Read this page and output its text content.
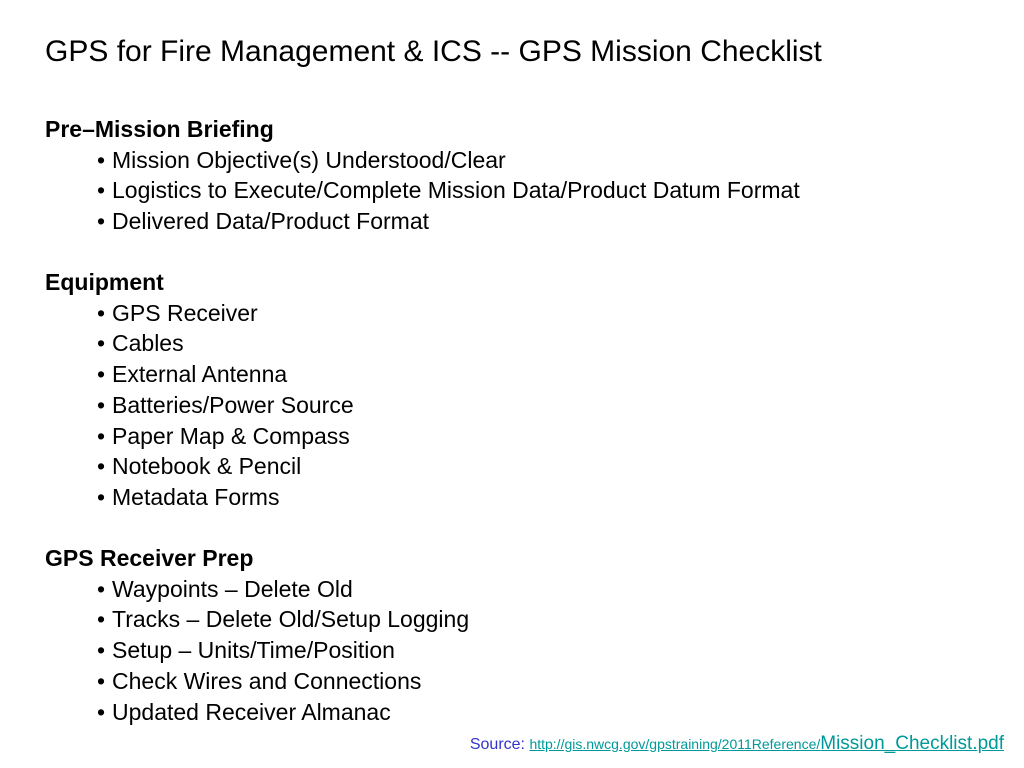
GPS for Fire Management & ICS -- GPS Mission Checklist
Pre–Mission Briefing
• Mission Objective(s) Understood/Clear
• Logistics to Execute/Complete Mission Data/Product Datum Format
• Delivered Data/Product Format
Equipment
• GPS Receiver
• Cables
• External Antenna
• Batteries/Power Source
• Paper Map & Compass
• Notebook & Pencil
• Metadata Forms
GPS Receiver Prep
• Waypoints – Delete Old
• Tracks – Delete Old/Setup Logging
• Setup – Units/Time/Position
• Check Wires and Connections
• Updated Receiver Almanac
Source: http://gis.nwcg.gov/gpstraining/2011Reference/Mission_Checklist.pdf
